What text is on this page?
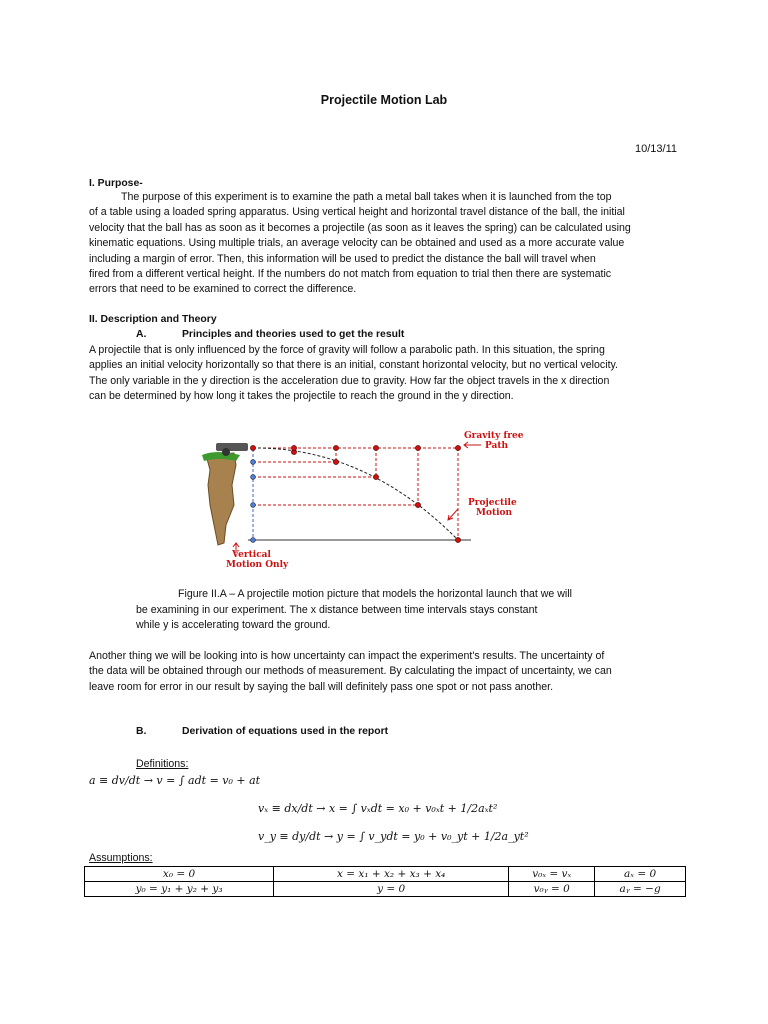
Projectile Motion Lab
10/13/11
I. Purpose-
The purpose of this experiment is to examine the path a metal ball takes when it is launched from the top
of a table using a loaded spring apparatus. Using vertical height and horizontal travel distance of the ball, the initial
velocity that the ball has as soon as it becomes a projectile (as soon as it leaves the spring) can be calculated using
kinematic equations. Using multiple trials, an average velocity can be obtained and used as a more accurate value
including a margin of error. Then, this information will be used to predict the distance the ball will travel when
fired from a different vertical height. If the numbers do not match from equation to trial then there are systematic
errors that need to be examined to correct the difference.
II. Description and Theory
A.	Principles and theories used to get the result
A projectile that is only influenced by the force of gravity will follow a parabolic path. In this situation, the spring
applies an initial velocity horizontally so that there is an initial, constant horizontal velocity, but no vertical velocity.
The only variable in the y direction is the acceleration due to gravity. How far the object travels in the x direction
can be determined by how long it takes the projectile to reach the ground in the y direction.
Gravity free
Path
Projectile
Motion
Vertical
Motion Only
Figure II.A – A projectile motion picture that models the horizontal launch that we will
be examining in our experiment. The x distance between time intervals stays constant
while y is accelerating toward the ground.
Another thing we will be looking into is how uncertainty can impact the experiment's results. The uncertainty of
the data will be obtained through our methods of measurement. By calculating the impact of uncertainty, we can
leave room for error in our result by saying the ball will definitely pass one spot or not pass another.
B.	Derivation of equations used in the report
Definitions:
a ≡ dv/dt → v = ∫ adt = v₀ + at
vₓ ≡ dx/dt → x = ∫ vₓdt = x₀ + v₀ₓt + 1/2aₓt²
v_y ≡ dy/dt → y = ∫ v_ydt = y₀ + v₀_yt + 1/2a_yt²
Assumptions:
x₀ = 0	x = x₁ + x₂ + x₃ + x₄	v₀ₓ = vₓ	aₓ = 0
y₀ = y₁ + y₂ + y₃	y = 0	v₀ᵧ = 0	aᵧ = −g
